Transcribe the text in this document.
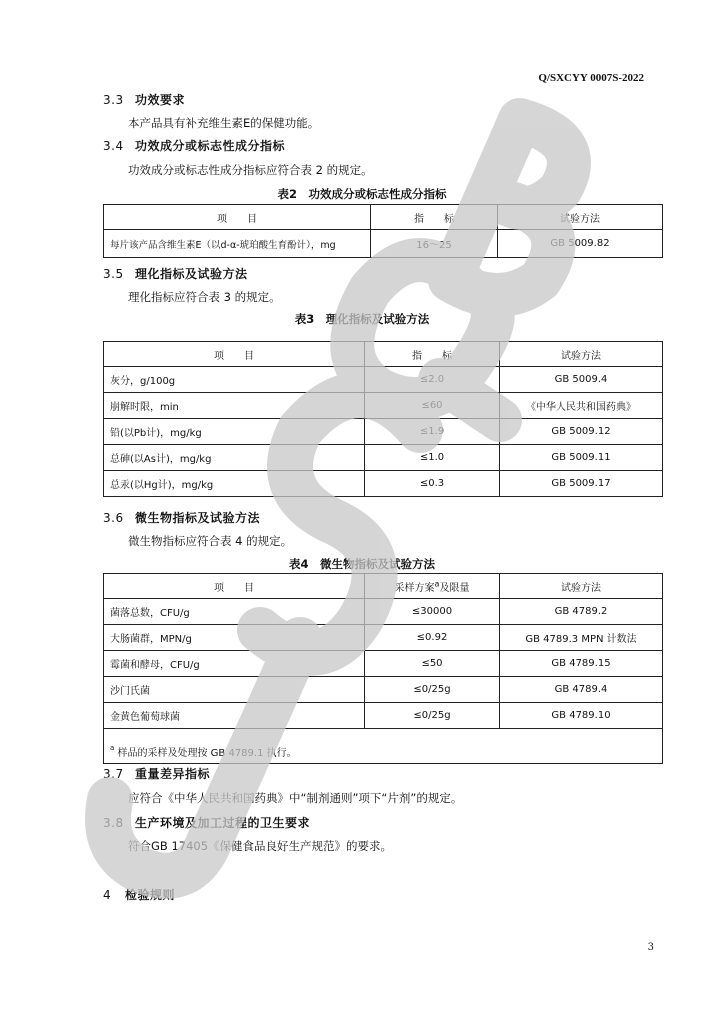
Q/SXCYY 0007S-2022
3.3 功效要求
本产品具有补充维生素E的保健功能。
3.4 功效成分或标志性成分指标
功效成分或标志性成分指标应符合表 2 的规定。
表2　功效成分或标志性成分指标
项　　目	指　　标	试验方法
每片该产品含维生素E（以d-α-琥珀酸生育酚计），mg	16～25	GB 5009.82
3.5 理化指标及试验方法
理化指标应符合表 3 的规定。
表3　理化指标及试验方法
项　　目	指　　标	试验方法
灰分，g/100g	≤2.0	GB 5009.4
崩解时限，min	≤60	《中华人民共和国药典》
铅(以Pb计)，mg/kg	≤1.9	GB 5009.12
总砷(以As计)，mg/kg	≤1.0	GB 5009.11
总汞(以Hg计)，mg/kg	≤0.3	GB 5009.17
3.6 微生物指标及试验方法
微生物指标应符合表 4 的规定。
表4　微生物指标及试验方法
项　　目	采样方案$^a$及限量	试验方法
菌落总数，CFU/g	≤30000	GB 4789.2
大肠菌群，MPN/g	≤0.92	GB 4789.3 MPN 计数法
霉菌和酵母，CFU/g	≤50	GB 4789.15
沙门氏菌	≤0/25g	GB 4789.4
金黄色葡萄球菌	≤0/25g	GB 4789.10
$^a$ 样品的采样及处理按 GB 4789.1 执行。		
3.7 重量差异指标
应符合《中华人民共和国药典》中“制剂通则”项下“片剂”的规定。
3.8 生产环境及加工过程的卫生要求
符合GB 17405《保健食品良好生产规范》的要求。
4 检验规则
3
